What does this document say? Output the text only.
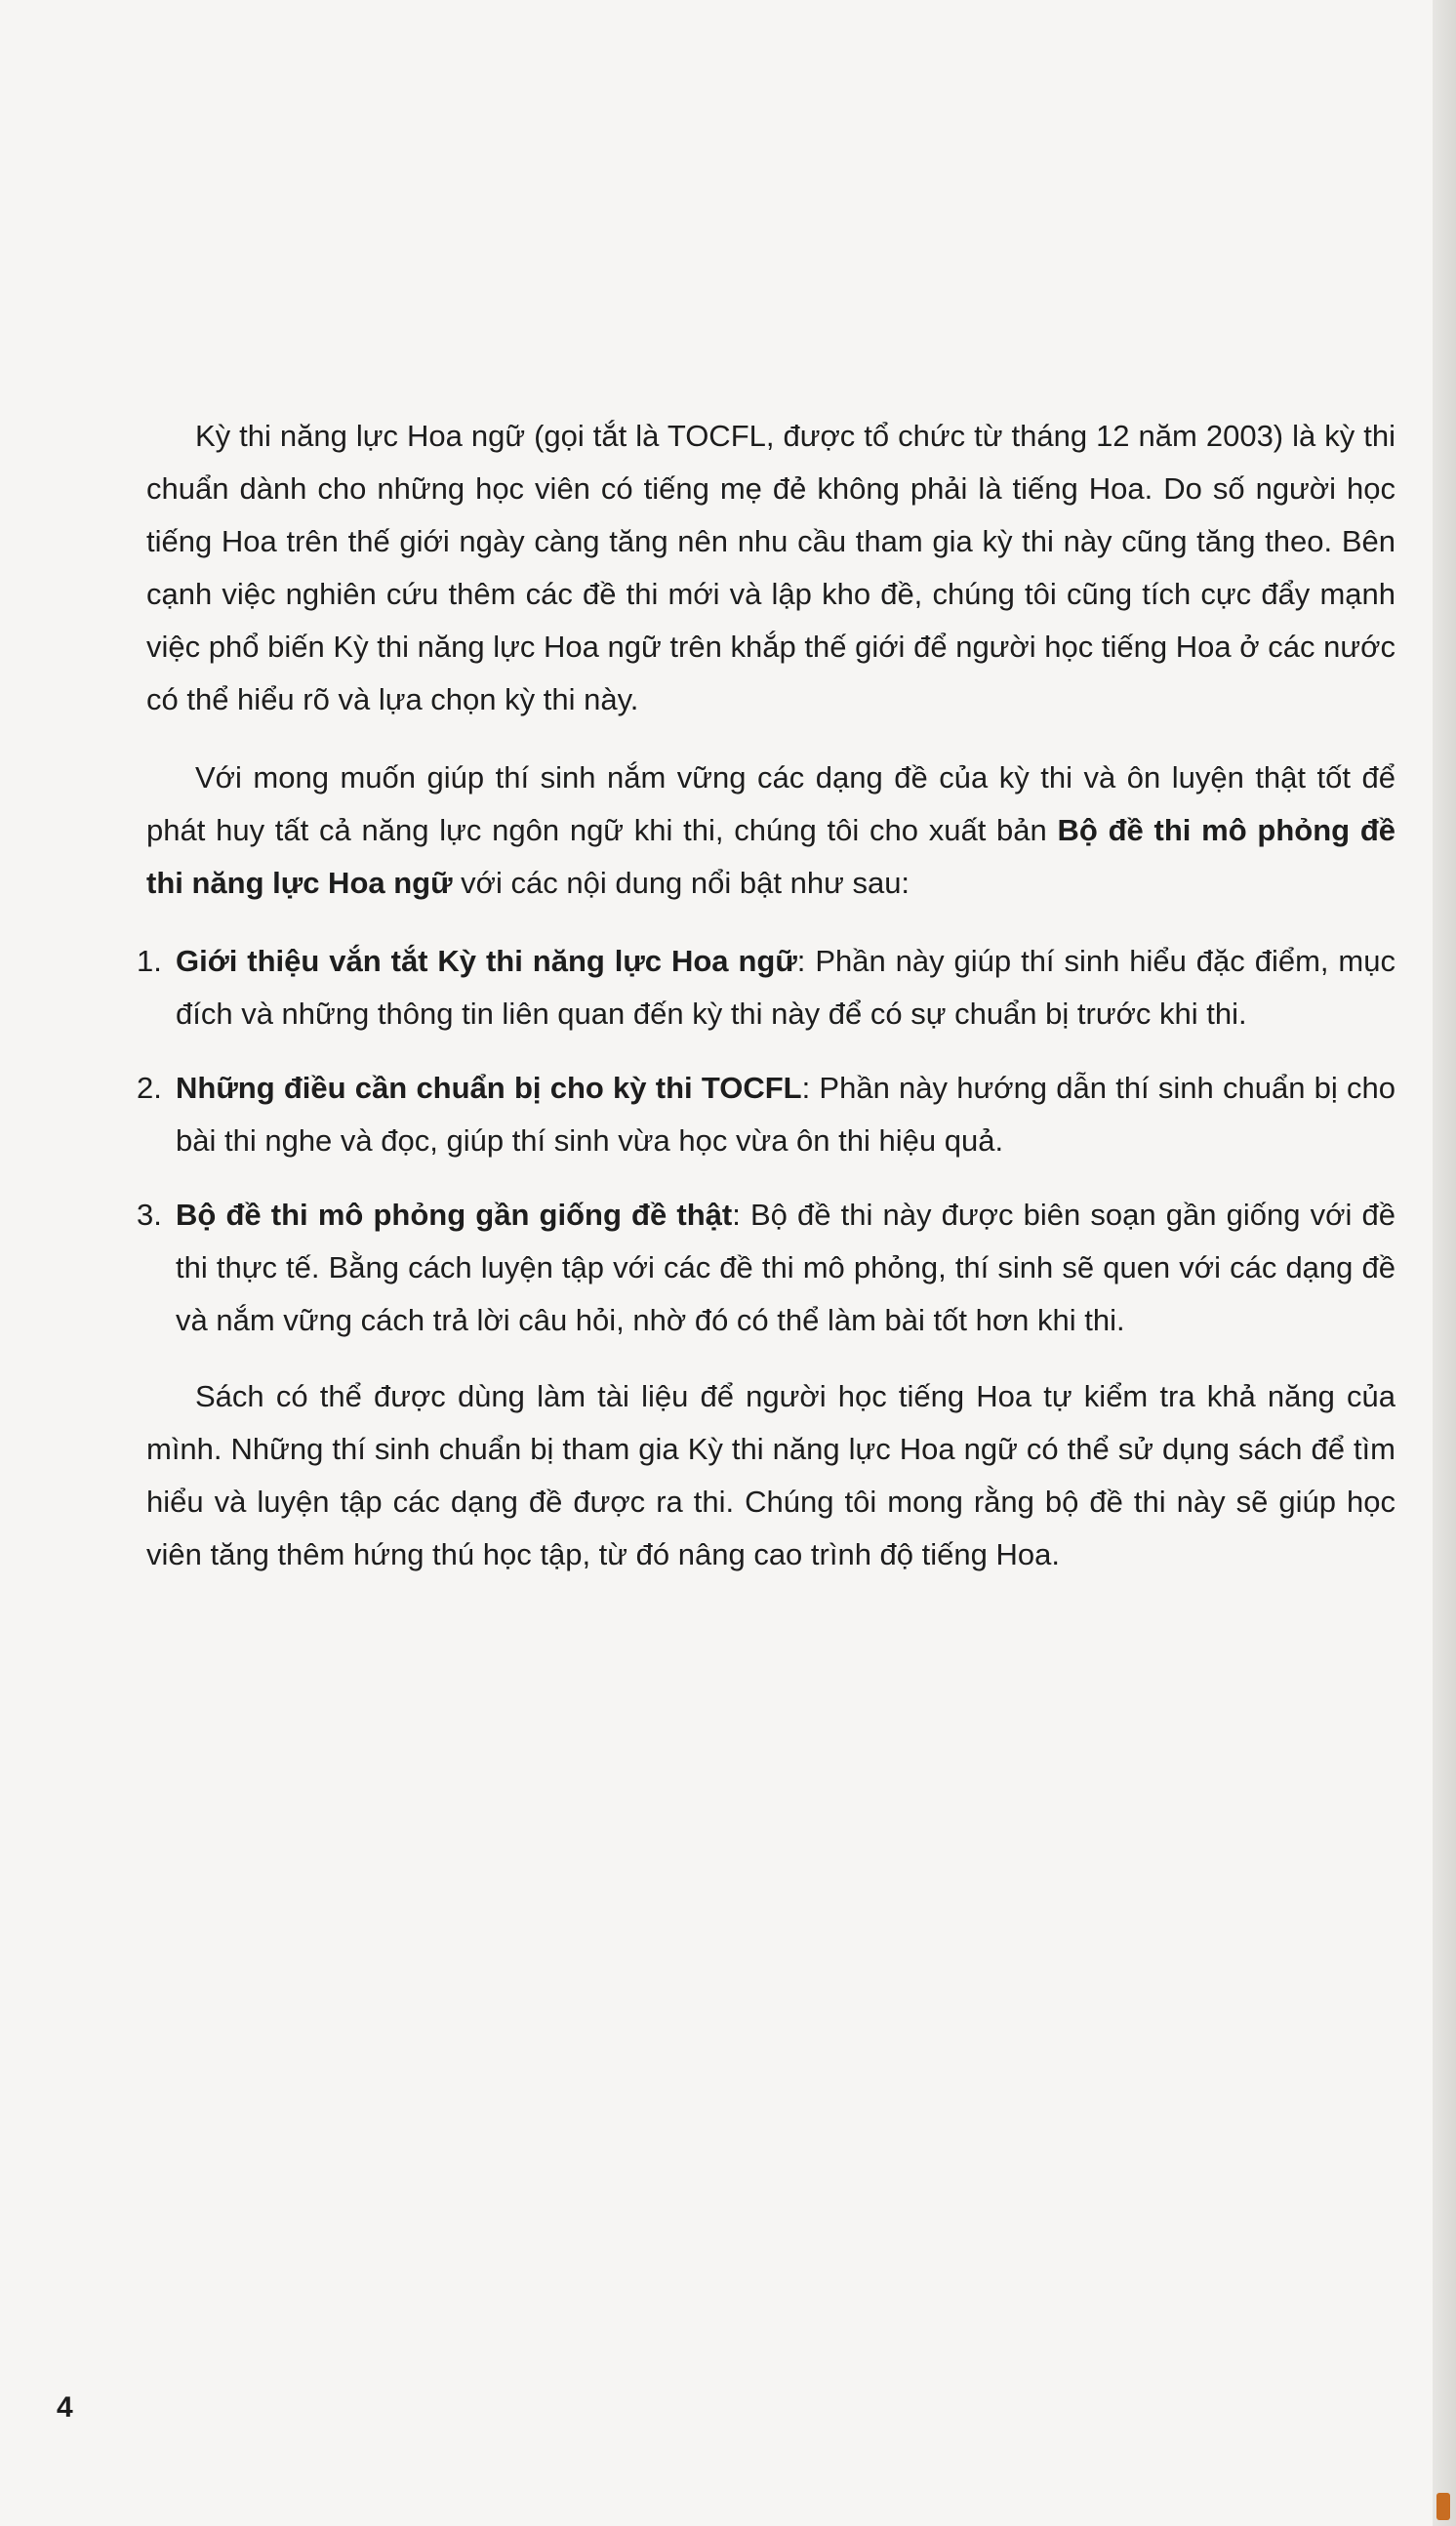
Kỳ thi năng lực Hoa ngữ (gọi tắt là TOCFL, được tổ chức từ tháng 12 năm 2003) là kỳ thi chuẩn dành cho những học viên có tiếng mẹ đẻ không phải là tiếng Hoa. Do số người học tiếng Hoa trên thế giới ngày càng tăng nên nhu cầu tham gia kỳ thi này cũng tăng theo. Bên cạnh việc nghiên cứu thêm các đề thi mới và lập kho đề, chúng tôi cũng tích cực đẩy mạnh việc phổ biến Kỳ thi năng lực Hoa ngữ trên khắp thế giới để người học tiếng Hoa ở các nước có thể hiểu rõ và lựa chọn kỳ thi này.

Với mong muốn giúp thí sinh nắm vững các dạng đề của kỳ thi và ôn luyện thật tốt để phát huy tất cả năng lực ngôn ngữ khi thi, chúng tôi cho xuất bản Bộ đề thi mô phỏng đề thi năng lực Hoa ngữ với các nội dung nổi bật như sau:

1. Giới thiệu vắn tắt Kỳ thi năng lực Hoa ngữ: Phần này giúp thí sinh hiểu đặc điểm, mục đích và những thông tin liên quan đến kỳ thi này để có sự chuẩn bị trước khi thi.
2. Những điều cần chuẩn bị cho kỳ thi TOCFL: Phần này hướng dẫn thí sinh chuẩn bị cho bài thi nghe và đọc, giúp thí sinh vừa học vừa ôn thi hiệu quả.
3. Bộ đề thi mô phỏng gần giống đề thật: Bộ đề thi này được biên soạn gần giống với đề thi thực tế. Bằng cách luyện tập với các đề thi mô phỏng, thí sinh sẽ quen với các dạng đề và nắm vững cách trả lời câu hỏi, nhờ đó có thể làm bài tốt hơn khi thi.

Sách có thể được dùng làm tài liệu để người học tiếng Hoa tự kiểm tra khả năng của mình. Những thí sinh chuẩn bị tham gia Kỳ thi năng lực Hoa ngữ có thể sử dụng sách để tìm hiểu và luyện tập các dạng đề được ra thi. Chúng tôi mong rằng bộ đề thi này sẽ giúp học viên tăng thêm hứng thú học tập, từ đó nâng cao trình độ tiếng Hoa.

4
